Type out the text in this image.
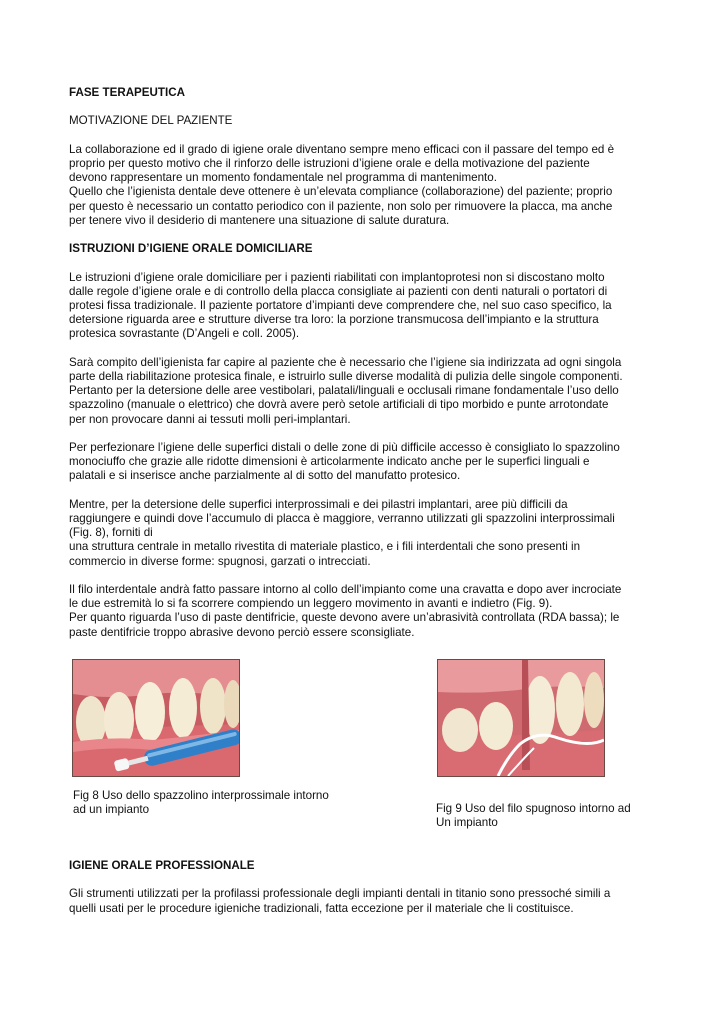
FASE TERAPEUTICA

MOTIVAZIONE DEL PAZIENTE

La collaborazione ed il grado di igiene orale diventano sempre meno efficaci con il passare del tempo ed è
proprio per questo motivo che il rinforzo delle istruzioni d’igiene orale e della motivazione del paziente
devono rappresentare un momento fondamentale nel programma di mantenimento.
Quello che l’igienista dentale deve ottenere è un’elevata compliance (collaborazione) del paziente; proprio
per questo è necessario un contatto periodico con il paziente, non solo per rimuovere la placca, ma anche
per tenere vivo il desiderio di mantenere una situazione di salute duratura.

ISTRUZIONI D’IGIENE ORALE DOMICILIARE

Le istruzioni d’igiene orale domiciliare per i pazienti riabilitati con implantoprotesi non si discostano molto
dalle regole d’igiene orale e di controllo della placca consigliate ai pazienti con denti naturali o portatori di
protesi fissa tradizionale. Il paziente portatore d’impianti deve comprendere che, nel suo caso specifico, la
detersione riguarda aree e strutture diverse tra loro: la porzione transmucosa dell’impianto e la struttura
protesica sovrastante (D’Angeli e coll. 2005).

Sarà compito dell’igienista far capire al paziente che è necessario che l’igiene sia indirizzata ad ogni singola
parte della riabilitazione protesica finale, e istruirlo sulle diverse modalità di pulizia delle singole componenti.
Pertanto per la detersione delle aree vestibolari, palatali/linguali e occlusali rimane fondamentale l’uso dello
spazzolino (manuale o elettrico) che dovrà avere però setole artificiali di tipo morbido e punte arrotondate
per non provocare danni ai tessuti molli peri-implantari.

Per perfezionare l’igiene delle superfici distali o delle zone di più difficile accesso è consigliato lo spazzolino
monociuffo che grazie alle ridotte dimensioni è articolarmente indicato anche per le superfici linguali e
palatali e si inserisce anche parzialmente al di sotto del manufatto protesico.

Mentre, per la detersione delle superfici interprossimali e dei pilastri implantari, aree più difficili da
raggiungere e quindi dove l’accumulo di placca è maggiore, verranno utilizzati gli spazzolini interprossimali
(Fig. 8), forniti di
una struttura centrale in metallo rivestita di materiale plastico, e i fili interdentali che sono presenti in
commercio in diverse forme: spugnosi, garzati o intrecciati.

Il filo interdentale andrà fatto passare intorno al collo dell’impianto come una cravatta e dopo aver incrociate
le due estremità lo si fa scorrere compiendo un leggero movimento in avanti e indietro (Fig. 9).
Per quanto riguarda l’uso di paste dentifricie, queste devono avere un’abrasività controllata (RDA bassa); le
paste dentifricie troppo abrasive devono perciò essere sconsigliate.

Fig 8 Uso dello spazzolino interprossimale intorno
ad un impianto	Fig 9 Uso del filo spugnoso intorno ad
Un impianto

IGIENE ORALE PROFESSIONALE

Gli strumenti utilizzati per la profilassi professionale degli impianti dentali in titanio sono pressoché simili a
quelli usati per le procedure igieniche tradizionali, fatta eccezione per il materiale che li costituisce.
